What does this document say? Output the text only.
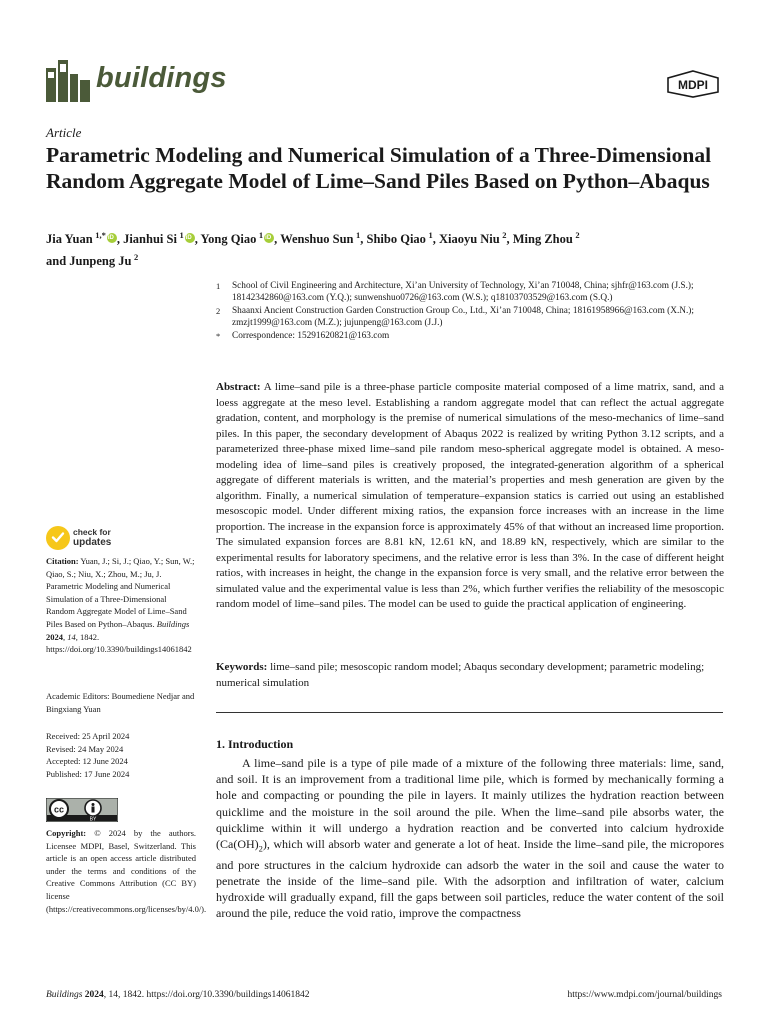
buildings	MDPI
Article
Parametric Modeling and Numerical Simulation of a Three-Dimensional Random Aggregate Model of Lime–Sand Piles Based on Python–Abaqus
Jia Yuan  $^{1,*}$ iD , Jianhui Si  $^1$ iD , Yong Qiao  $^1$ iD , Wenshuo Sun  $^1$, Shibo Qiao  $^1$, Xiaoyu Niu  $^2$, Ming Zhou  $^2$
and Junpeng Ju  $^2$
1	School of Civil Engineering and Architecture, Xi’an University of Technology, Xi’an 710048, China; sjhfr@163.com (J.S.); 18142342860@163.com (Y.Q.); sunwenshuo0726@163.com (W.S.); q18103703529@163.com (S.Q.)
2	Shaanxi Ancient Construction Garden Construction Group Co., Ltd., Xi’an 710048, China; 18161958966@163.com (X.N.); zmzjt1999@163.com (M.Z.); jujunpeng@163.com (J.J.)
*	Correspondence: 15291620821@163.com

Abstract: A lime–sand pile is a three-phase particle composite material composed of a lime matrix, sand, and a loess aggregate at the meso level. Establishing a random aggregate model that can reflect the actual aggregate gradation, content, and morphology is the premise of numerical simulations of the meso-mechanics of lime–sand piles. In this paper, the secondary development of Abaqus 2022 is realized by writing Python 3.12 scripts, and a parameterized three-phase mixed lime–sand pile random meso-spherical aggregate model is obtained. A meso-modeling idea of lime–sand piles is creatively proposed, the integrated-generation algorithm of a spherical aggregate of different materials is written, and the material’s properties and mesh generation are given by the algorithm. Finally, a numerical simulation of temperature–expansion statics is carried out using an established mesoscopic model. Under different mixing ratios, the expansion force increases with an increase in the lime proportion. The increase in the expansion force is approximately 45% of that without an increased lime proportion. The simulated expansion forces are 8.81 kN, 12.61 kN, and 18.89 kN, respectively, which are similar to the experimental results for laboratory specimens, and the relative error is less than 3%. In the case of different height ratios, with increases in height, the change in the expansion force is very small, and the relative error between the simulated value and the experimental value is less than 2%, which further verifies the reliability of the mesoscopic random model of lime–sand piles. The model can be used to guide the practical application of engineering.

Keywords: lime–sand pile; mesoscopic random model; Abaqus secondary development; parametric modeling; numerical simulation

1. Introduction

A lime–sand pile is a type of pile made of a mixture of the following three materials: lime, sand, and soil. It is an improvement from a traditional lime pile, which is formed by mechanically forming a hole and compacting or pounding the pile in layers. It mainly utilizes the hydration reaction between quicklime and the moisture in the soil around the pile. When the lime–sand pile absorbs water, the quicklime within it will undergo a hydration reaction and be converted into calcium hydroxide $(Ca(OH)_2)$, which will absorb water and generate a lot of heat. Inside the lime–sand pile, the micropores and pore structures in the calcium hydroxide can adsorb the water in the soil and cause the water to penetrate the inside of the lime–sand pile. With the adsorption and infiltration of water, calcium hydroxide will gradually expand, fill the gaps between soil particles, reduce the water content of the soil around the pile, reduce the void ratio, improve the compactness

check for
updates
Citation: Yuan, J.; Si, J.; Qiao, Y.; Sun, W.; Qiao, S.; Niu, X.; Zhou, M.; Ju, J. Parametric Modeling and Numerical Simulation of a Three-Dimensional Random Aggregate Model of Lime–Sand Piles Based on Python–Abaqus. Buildings 2024, 14, 1842. https://doi.org/10.3390/buildings14061842
Academic Editors: Boumediene Nedjar and Bingxiang Yuan
Received: 25 April 2024
Revised: 24 May 2024
Accepted: 12 June 2024
Published: 17 June 2024
cc
BY
Copyright: © 2024 by the authors. Licensee MDPI, Basel, Switzerland. This article is an open access article distributed under the terms and conditions of the Creative Commons Attribution (CC BY) license (https://creativecommons.org/licenses/by/4.0/).
Buildings 2024, 14, 1842. https://doi.org/10.3390/buildings14061842	https://www.mdpi.com/journal/buildings
